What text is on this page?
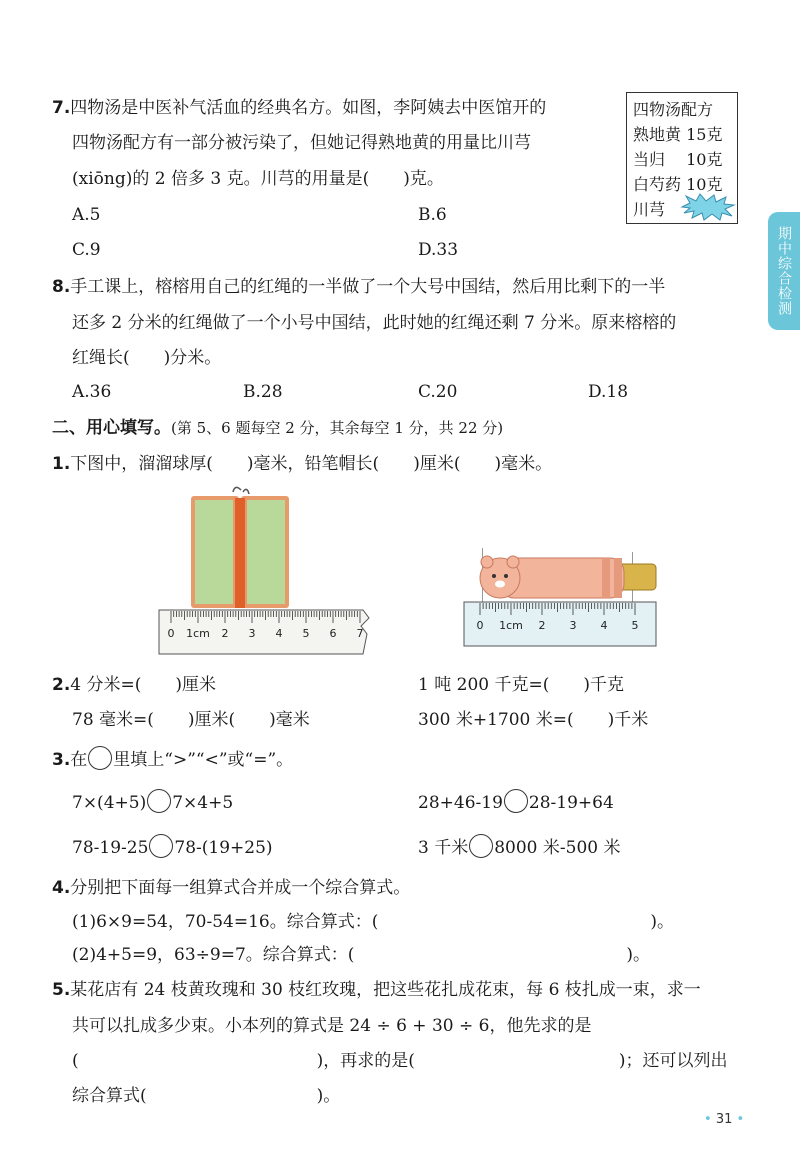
期中综合检测
7.四物汤是中医补气活血的经典名方。如图，李阿姨去中医馆开的
四物汤配方有一部分被污染了，但她记得熟地黄的用量比川芎
(xiōng)的 2 倍多 3 克。川芎的用量是(　　)克。
A.5	B.6
C.9	D.33
四物汤配方
熟地黄 15克
当归　 10克
白芍药 10克
川芎
8.手工课上，榕榕用自己的红绳的一半做了一个大号中国结，然后用比剩下的一半
还多 2 分米的红绳做了一个小号中国结，此时她的红绳还剩 7 分米。原来榕榕的
红绳长(　　)分米。
A.36	B.28	C.20	D.18
二、用心填写。(第 5、6 题每空 2 分，其余每空 1 分，共 22 分)
1.下图中，溜溜球厚(　　)毫米，铅笔帽长(　　)厘米(　　)毫米。
0 1cm 2 3 4 5 6 7
0 1cm 2 3 4 5
2.4 分米=(　　)厘米	1 吨 200 千克=(　　)千克
78 毫米=(　　)厘米(　　)毫米	300 米+1700 米=(　　)千米
3.在 里填上“>”“<”或“=”。
7×(4+5) 7×4+5	28+46-19 28-19+64
78-19-25 78-(19+25)	3 千米 8000 米-500 米
4.分别把下面每一组算式合并成一个综合算式。
(1)6×9=54，70-54=16。综合算式：(　　　　　　　　　　　　　　　　)。
(2)4+5=9，63÷9=7。综合算式：(　　　　　　　　　　　　　　　　)。
5.某花店有 24 枝黄玫瑰和 30 枝红玫瑰，把这些花扎成花束，每 6 枝扎成一束，求一
共可以扎成多少束。小本列的算式是 24 ÷ 6 + 30 ÷ 6，他先求的是
(　　　　　　　　　　　　　　)，再求的是(　　　　　　　　　　　　)；还可以列出
综合算式(　　　　　　　　　　)。
• 31 •
